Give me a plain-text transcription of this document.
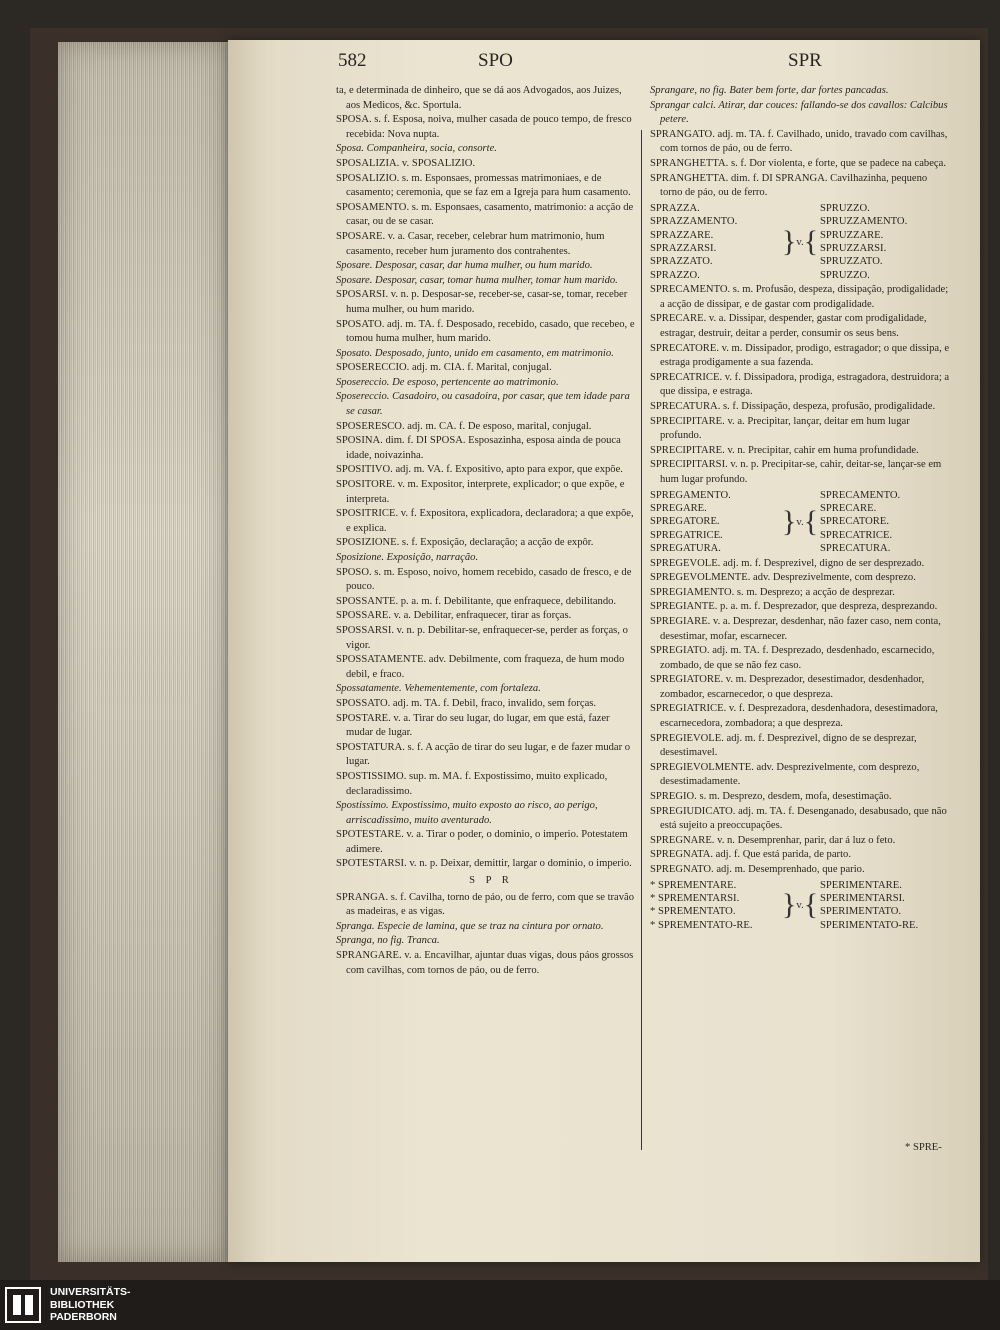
582	SPO	SPR

ta, e determinada de dinheiro, que se dá aos Advogados, aos Juizes, aos Medicos, &c. Sportula.

SPOSA. s. f. Esposa, noiva, mulher casada de pouco tempo, de fresco recebida: Nova nupta.

Sposa. Companheira, socia, consorte.

SPOSALIZIA. v. SPOSALIZIO.

SPOSALIZIO. s. m. Esponsaes, promessas matrimoniaes, e de casamento; ceremonia, que se faz em a Igreja para hum casamento.

SPOSAMENTO. s. m. Esponsaes, casamento, matrimonio: a acção de casar, ou de se casar.

SPOSARE. v. a. Casar, receber, celebrar hum matrimonio, hum casamento, receber hum juramento dos contrahentes.

Sposare. Desposar, casar, dar huma mulher, ou hum marido.

Sposare. Desposar, casar, tomar huma mulher, tomar hum marido.

SPOSARSI. v. n. p. Desposar-se, receber-se, casar-se, tomar, receber huma mulher, ou hum marido.

SPOSATO. adj. m. TA. f. Desposado, recebido, casado, que recebeo, e tomou huma mulher, hum marido.

Sposato. Desposado, junto, unido em casamento, em matrimonio.

SPOSERECCIO. adj. m. CIA. f. Marital, conjugal.

Sposereccio. De esposo, pertencente ao matrimonio.

Sposereccio. Casadoiro, ou casadoira, por casar, que tem idade para se casar.

SPOSERESCO. adj. m. CA. f. De esposo, marital, conjugal.

SPOSINA. dim. f. DI SPOSA. Esposazinha, esposa ainda de pouca idade, noivazinha.

SPOSITIVO. adj. m. VA. f. Expositivo, apto para expor, que expõe.

SPOSITORE. v. m. Expositor, interprete, explicador; o que expõe, e interpreta.

SPOSITRICE. v. f. Expositora, explicadora, declaradora; a que expõe, e explica.

SPOSIZIONE. s. f. Exposição, declaração; a acção de expôr.

Sposizione. Exposição, narração.

SPOSO. s. m. Esposo, noivo, homem recebido, casado de fresco, e de pouco.

SPOSSANTE. p. a. m. f. Debilitante, que enfraquece, debilitando.

SPOSSARE. v. a. Debilitar, enfraquecer, tirar as forças.

SPOSSARSI. v. n. p. Debilitar-se, enfraquecer-se, perder as forças, o vigor.

SPOSSATAMENTE. adv. Debilmente, com fraqueza, de hum modo debil, e fraco.

Spossatamente. Vehementemente, com fortaleza.

SPOSSATO. adj. m. TA. f. Debil, fraco, invalido, sem forças.

SPOSTARE. v. a. Tirar do seu lugar, do lugar, em que está, fazer mudar de lugar.

SPOSTATURA. s. f. A acção de tirar do seu lugar, e de fazer mudar o lugar.

SPOSTISSIMO. sup. m. MA. f. Expostissimo, muito explicado, declaradissimo.

Spostissimo. Expostissimo, muito exposto ao risco, ao perigo, arriscadissimo, muito aventurado.

SPOTESTARE. v. a. Tirar o poder, o dominio, o imperio. Potestatem adimere.

SPOTESTARSI. v. n. p. Deixar, demittir, largar o dominio, o imperio.

S P R

SPRANGA. s. f. Cavilha, torno de páo, ou de ferro, com que se travão as madeiras, e as vigas.

Spranga. Especie de lamina, que se traz na cintura por ornato.

Spranga, no fig. Tranca.

SPRANGARE. v. a. Encavilhar, ajuntar duas vigas, dous páos grossos com cavilhas, com tornos de páo, ou de ferro.

Sprangare, no fig. Bater bem forte, dar fortes pancadas.

Sprangar calci. Atirar, dar couces: fallando-se dos cavallos: Calcibus petere.

SPRANGATO. adj. m. TA. f. Cavilhado, unido, travado com cavilhas, com tornos de páo, ou de ferro.

SPRANGHETTA. s. f. Dor violenta, e forte, que se padece na cabeça.

SPRANGHETTA. dim. f. DI SPRANGA. Cavilhazinha, pequeno torno de páo, ou de ferro.

SPRAZZA.
SPRAZZAMENTO.
SPRAZZARE.
SPRAZZARSI.
SPRAZZATO.
SPRAZZO.
} v. {
SPRUZZO.
SPRUZZAMENTO.
SPRUZZARE.
SPRUZZARSI.
SPRUZZATO.
SPRUZZO.

SPRECAMENTO. s. m. Profusão, despeza, dissipação, prodigalidade; a acção de dissipar, e de gastar com prodigalidade.

SPRECARE. v. a. Dissipar, despender, gastar com prodigalidade, estragar, destruir, deitar a perder, consumir os seus bens.

SPRECATORE. v. m. Dissipador, prodigo, estragador; o que dissipa, e estraga prodigamente a sua fazenda.

SPRECATRICE. v. f. Dissipadora, prodiga, estragadora, destruidora; a que dissipa, e estraga.

SPRECATURA. s. f. Dissipação, despeza, profusão, prodigalidade.

SPRECIPITARE. v. a. Precipitar, lançar, deitar em hum lugar profundo.

SPRECIPITARE. v. n. Precipitar, cahir em huma profundidade.

SPRECIPITARSI. v. n. p. Precipitar-se, cahir, deitar-se, lançar-se em hum lugar profundo.

SPREGAMENTO.
SPREGARE.
SPREGATORE.
SPREGATRICE.
SPREGATURA.
} v. {
SPRECAMENTO.
SPRECARE.
SPRECATORE.
SPRECATRICE.
SPRECATURA.

SPREGEVOLE. adj. m. f. Desprezivel, digno de ser desprezado.

SPREGEVOLMENTE. adv. Desprezivelmente, com desprezo.

SPREGIAMENTO. s. m. Desprezo; a acção de desprezar.

SPREGIANTE. p. a. m. f. Desprezador, que despreza, desprezando.

SPREGIARE. v. a. Desprezar, desdenhar, não fazer caso, nem conta, desestimar, mofar, escarnecer.

SPREGIATO. adj. m. TA. f. Desprezado, desdenhado, escarnecido, zombado, de que se não fez caso.

SPREGIATORE. v. m. Desprezador, desestimador, desdenhador, zombador, escarnecedor, o que despreza.

SPREGIATRICE. v. f. Desprezadora, desdenhadora, desestimadora, escarnecedora, zombadora; a que despreza.

SPREGIEVOLE. adj. m. f. Desprezivel, digno de se desprezar, desestimavel.

SPREGIEVOLMENTE. adv. Desprezivelmente, com desprezo, desestimadamente.

SPREGIO. s. m. Desprezo, desdem, mofa, desestimação.

SPREGIUDICATO. adj. m. TA. f. Desenganado, desabusado, que não está sujeito a preoccupações.

SPREGNARE. v. n. Desemprenhar, parir, dar á luz o feto.

SPREGNATA. adj. f. Que está parida, de parto.

SPREGNATO. adj. m. Desemprenhado, que pario.

* SPREMENTARE.
* SPREMENTARSI.
* SPREMENTATO.
* SPREMENTATO-RE.
} v. {
SPERIMENTARE.
SPERIMENTARSI.
SPERIMENTATO.
SPERIMENTATO-RE.
* SPRE-
UNIVERSITÄTS-
BIBLIOTHEK
PADERBORN
